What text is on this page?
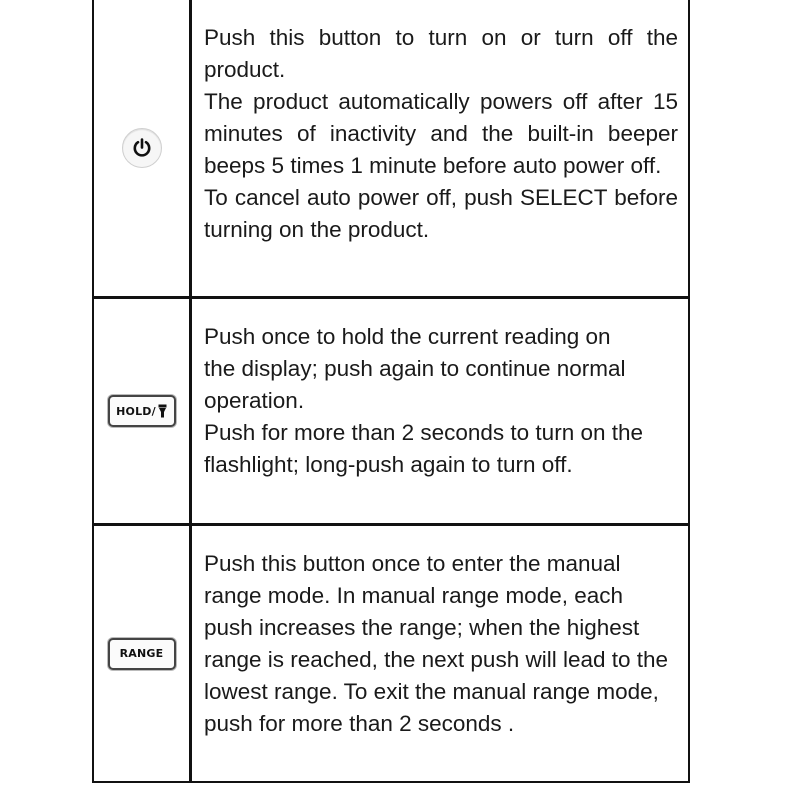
Push this button to turn on or turn off the product.

The product automatically powers off after 15 minutes of inactivity and the built-in beeper beeps 5 times 1 minute before auto power off.

To cancel auto power off, push SELECT before turning on the product.

HOLD/

Push once to hold the current reading on the display; push again to continue normal operation.

Push for more than 2 seconds to turn on the flashlight; long-push again to turn off.

RANGE

Push this button once to enter the manual range mode. In manual range mode, each push increases the range; when the highest range is reached, the next push will lead to the lowest range. To exit the manual range mode, push for more than 2 seconds .
